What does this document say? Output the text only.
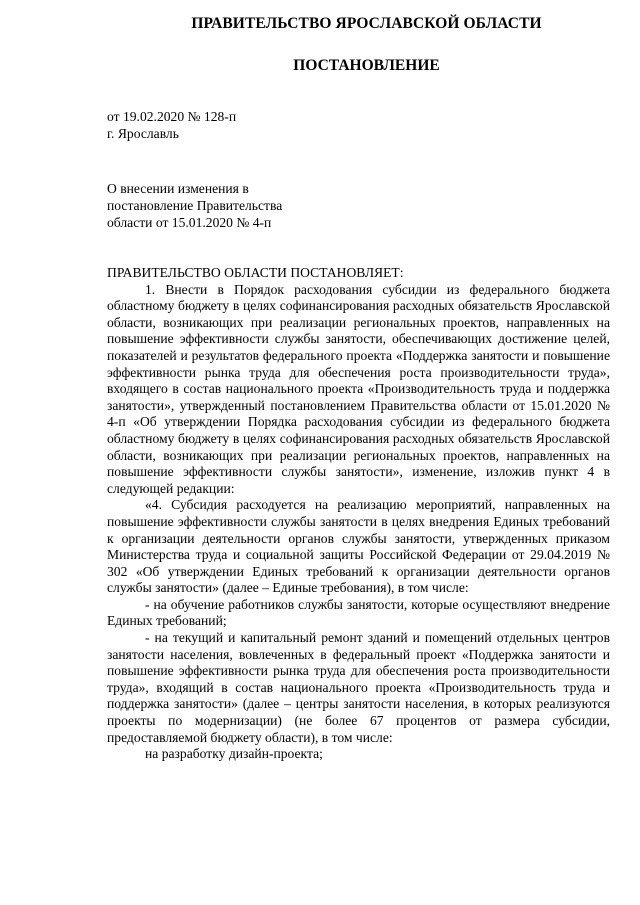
ПРАВИТЕЛЬСТВО ЯРОСЛАВСКОЙ ОБЛАСТИ
ПОСТАНОВЛЕНИЕ
от 19.02.2020 № 128-п
г. Ярославль
О внесении изменения в
постановление Правительства
области от 15.01.2020 № 4-п

ПРАВИТЕЛЬСТВО ОБЛАСТИ ПОСТАНОВЛЯЕТ:

1. Внести в Порядок расходования субсидии из федерального бюджета областному бюджету в целях софинансирования расходных обязательств Ярославской области, возникающих при реализации региональных проектов, направленных на повышение эффективности службы занятости, обеспечивающих достижение целей, показателей и результатов федерального проекта «Поддержка занятости и повышение эффективности рынка труда для обеспечения роста производительности труда», входящего в состав национального проекта «Производительность труда и поддержка занятости», утвержденный постановлением Правительства области от 15.01.2020 № 4-п «Об утверждении Порядка расходования субсидии из федерального бюджета областному бюджету в целях софинансирования расходных обязательств Ярославской области, возникающих при реализации региональных проектов, направленных на повышение эффективности службы занятости», изменение, изложив пункт 4 в следующей редакции:

«4. Субсидия расходуется на реализацию мероприятий, направленных на повышение эффективности службы занятости в целях внедрения Единых требований к организации деятельности органов службы занятости, утвержденных приказом Министерства труда и социальной защиты Российской Федерации от 29.04.2019 № 302 «Об утверждении Единых требований к организации деятельности органов службы занятости» (далее – Единые требования), в том числе:

- на обучение работников службы занятости, которые осуществляют внедрение Единых требований;

- на текущий и капитальный ремонт зданий и помещений отдельных центров занятости населения, вовлеченных в федеральный проект «Поддержка занятости и повышение эффективности рынка труда для обеспечения роста производительности труда», входящий в состав национального проекта «Производительность труда и поддержка занятости» (далее – центры занятости населения, в которых реализуются проекты по модернизации) (не более 67 процентов от размера субсидии, предоставляемой бюджету области), в том числе:

на разработку дизайн-проекта;
